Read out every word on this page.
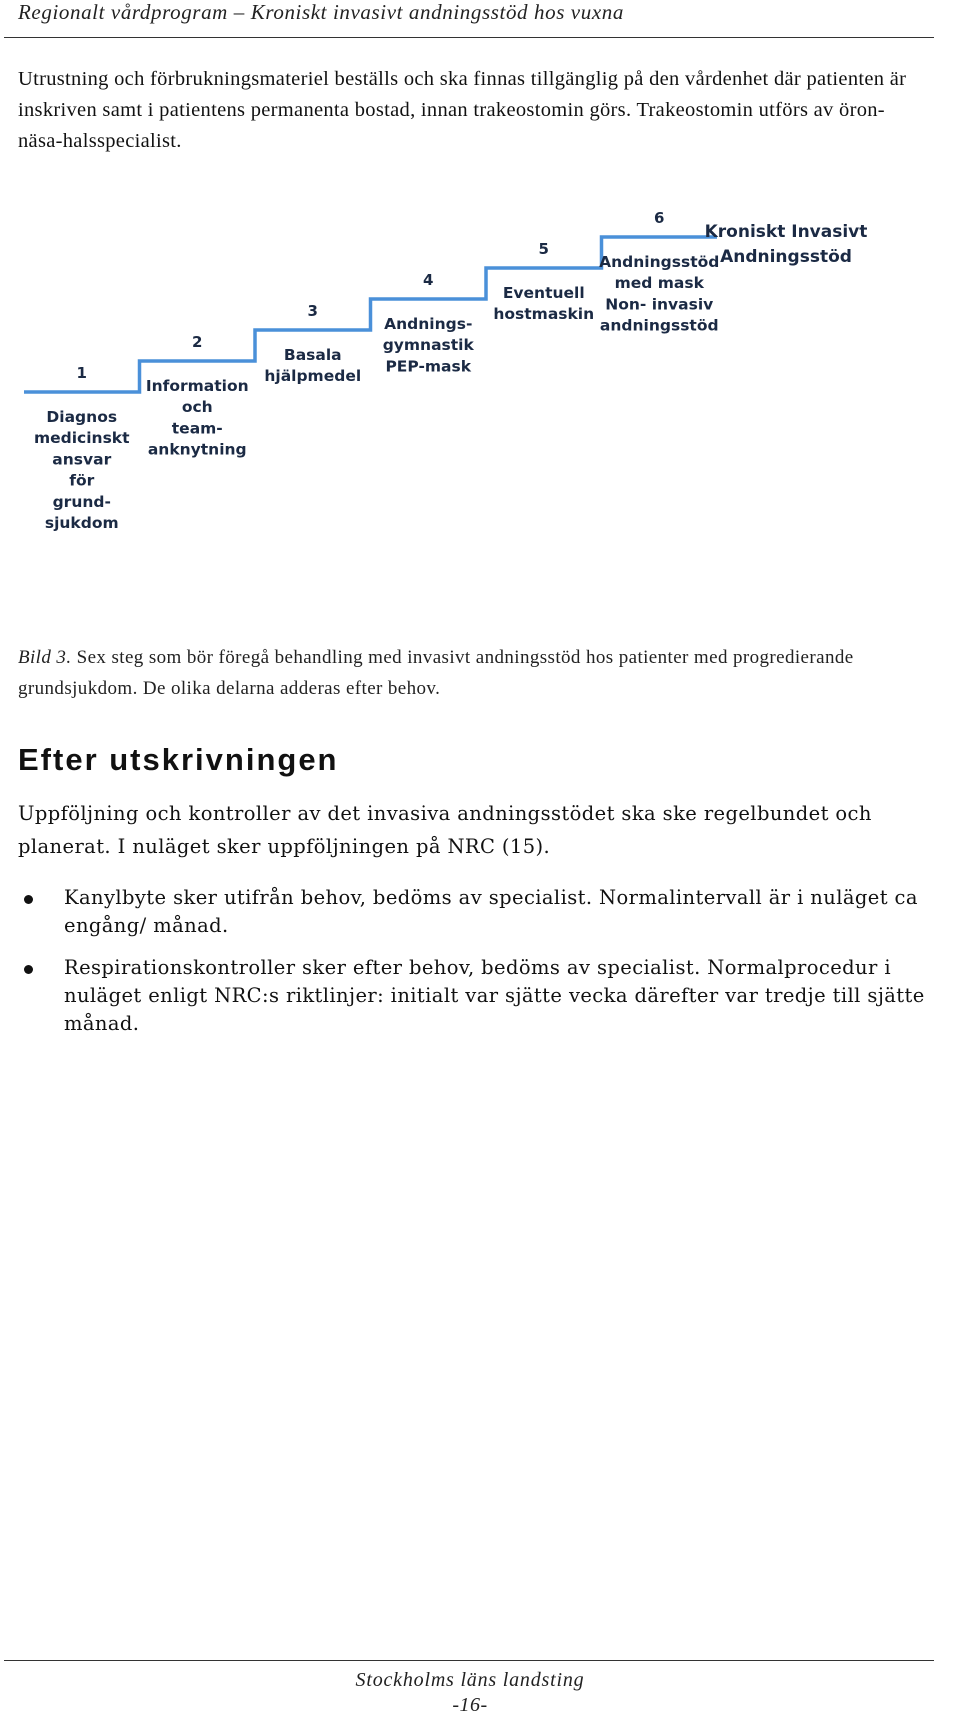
Regionalt vårdprogram – Kroniskt invasivt andningsstöd hos vuxna

Utrustning och förbrukningsmateriel beställs och ska finnas tillgänglig på den vårdenhet där patienten är inskriven samt i patientens permanenta bostad, innan trakeostomin görs. Trakeostomin utförs av öron-näsa-halsspecialist.

1
Diagnos
medicinskt
ansvar
för
grund-
sjukdom
2
Information
och
team-
anknytning
3
Basala
hjälpmedel
4
Andnings-
gymnastik
PEP-mask
5
Eventuell
hostmaskin
6
Andningsstöd
med mask
Non- invasiv
andningsstöd
Kroniskt Invasivt
Andningsstöd
Bild 3. Sex steg som bör föregå behandling med invasivt andningsstöd hos patienter med progredierande grundsjukdom. De olika delarna adderas efter behov.
Efter utskrivningen

Uppföljning och kontroller av det invasiva andningsstödet ska ske regelbundet och planerat. I nuläget sker uppföljningen på NRC (15).

Kanylbyte sker utifrån behov, bedöms av specialist. Normalintervall är i nuläget ca engång/ månad.
Respirationskontroller sker efter behov, bedöms av specialist. Normalprocedur i nuläget enligt NRC:s riktlinjer: initialt var sjätte vecka därefter var tredje till sjätte månad.
Stockholms läns landsting
-16-
